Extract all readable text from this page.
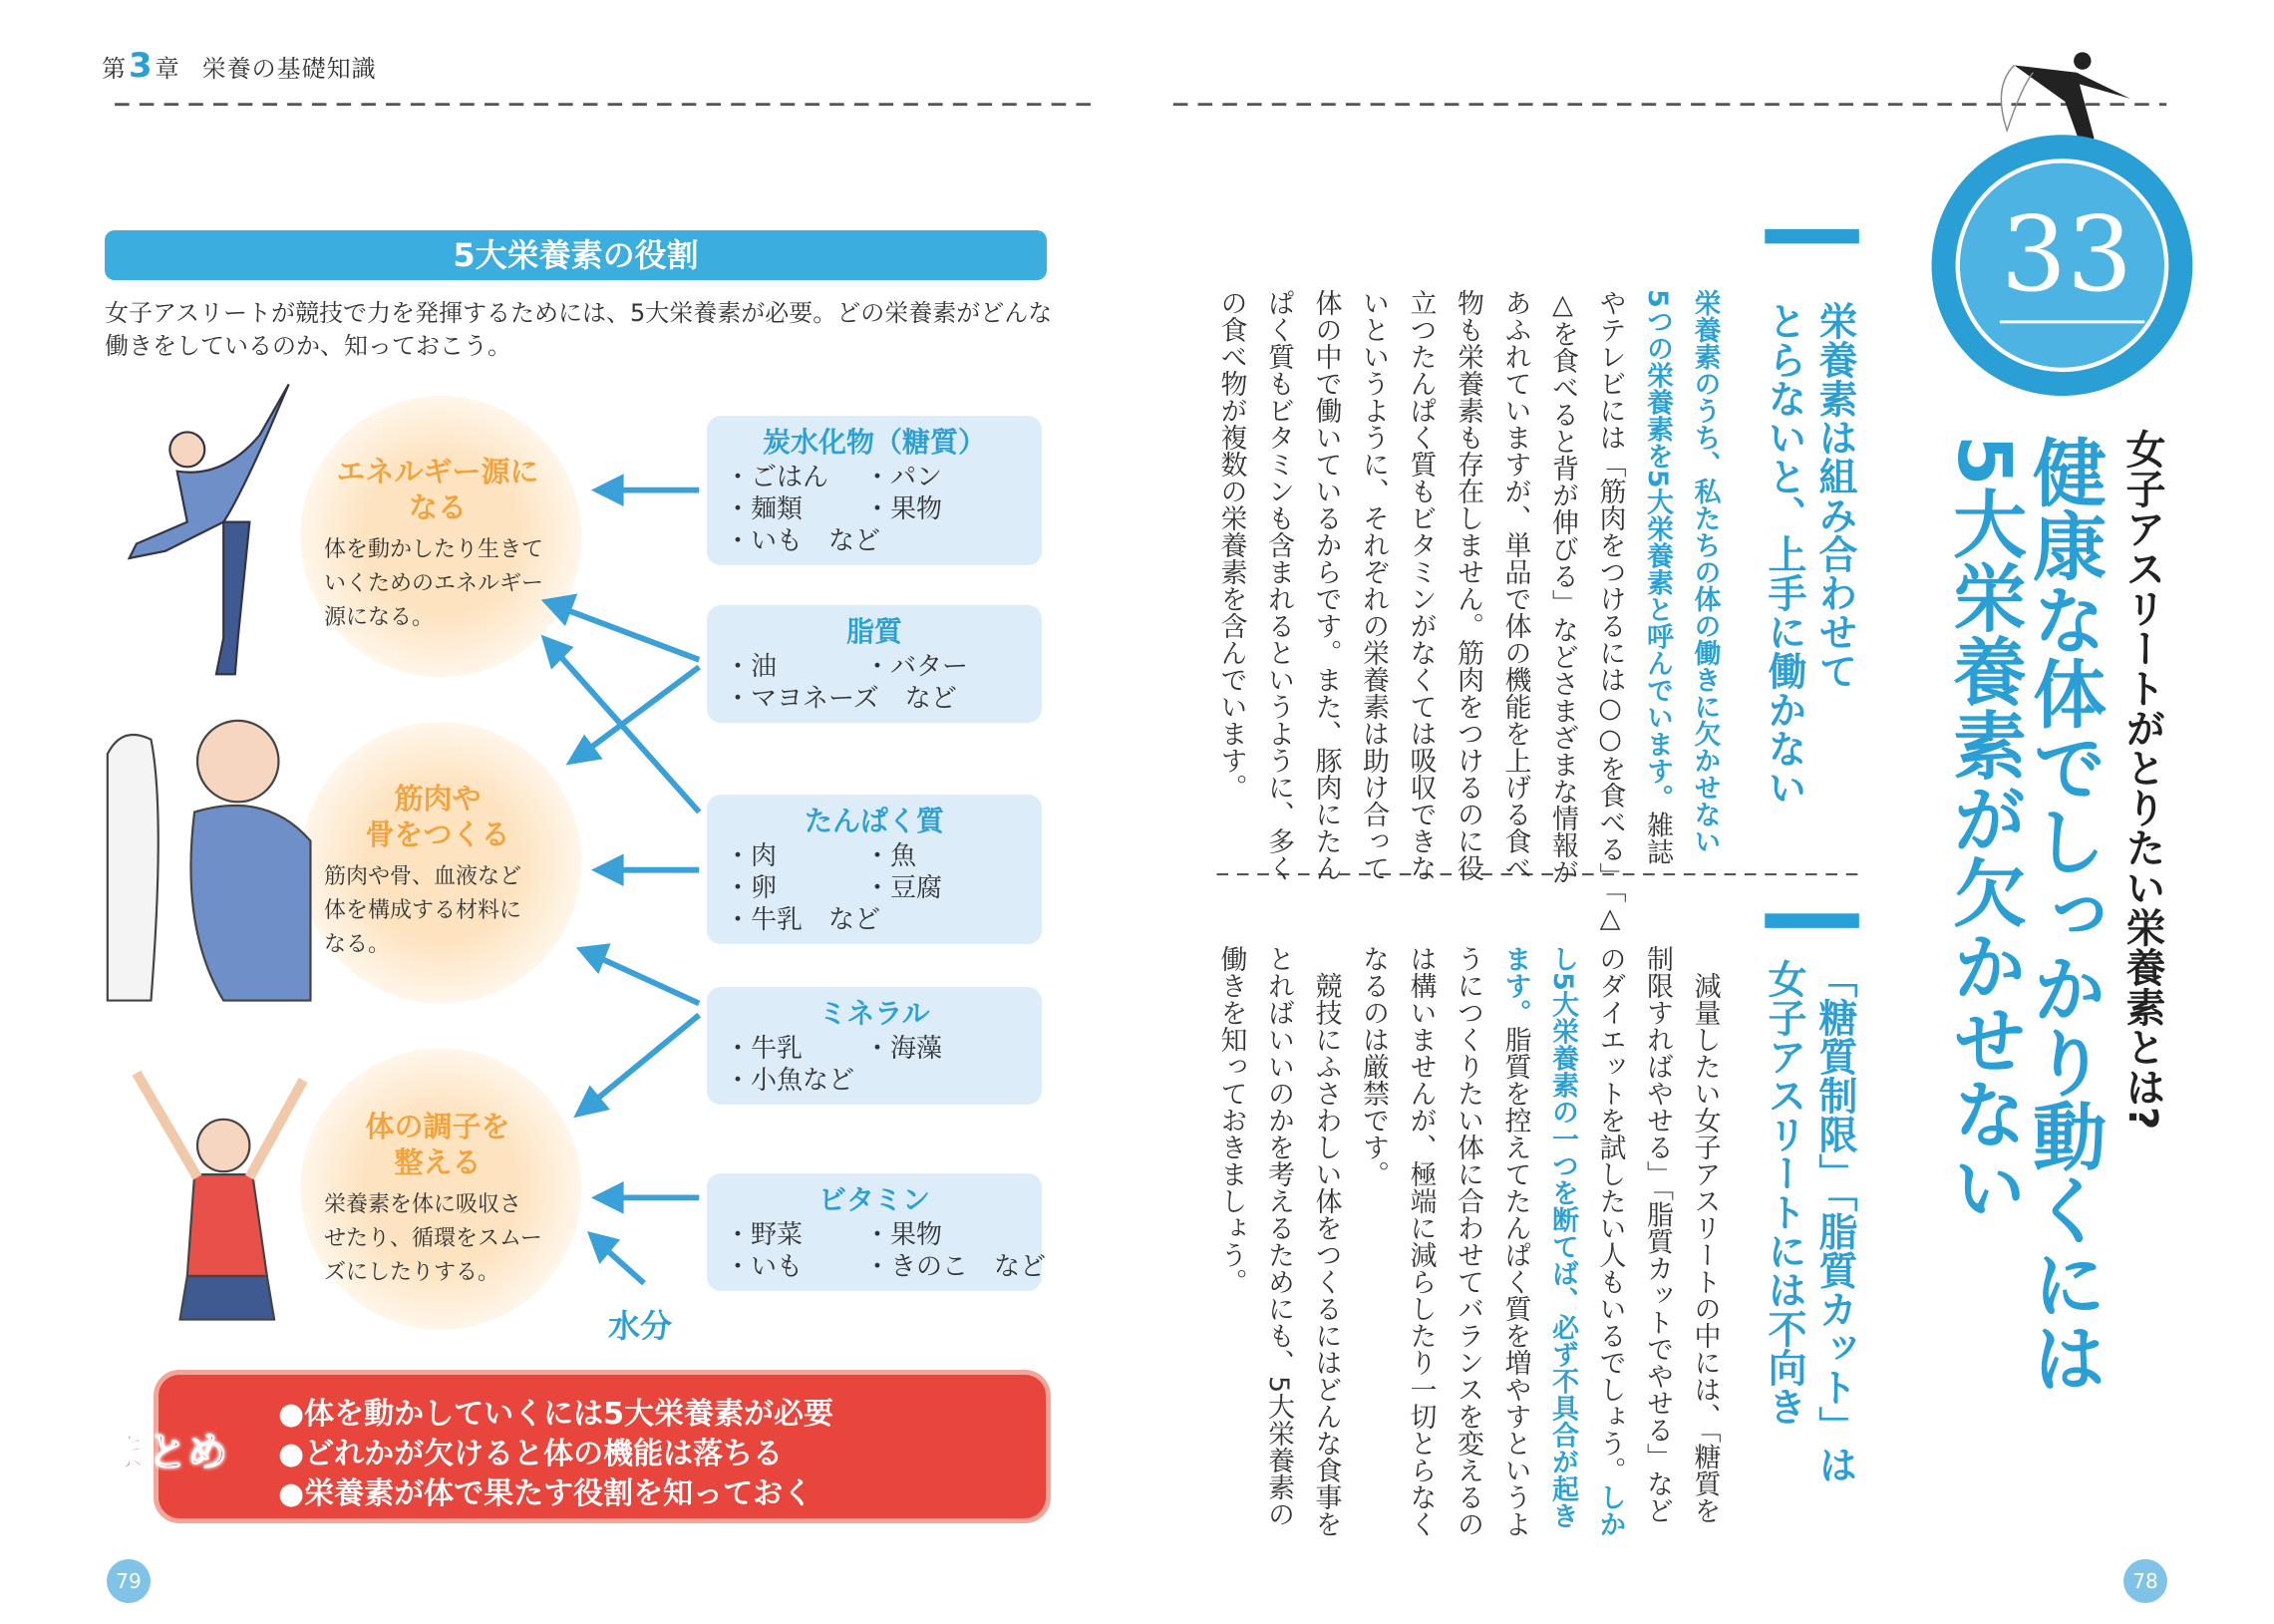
第3章 栄養の基礎知識
5大栄養素の役割
女子アスリートが競技で力を発揮するためには、5大栄養素が必要。どの栄養素がどんな働きをしているのか、知っておこう。
水分
●体を動かしていくには5大栄養素が必要
●どれかが欠けると体の機能は落ちる
●栄養素が体で果たす役割を知っておく
まとめ
79
33
女子アスリートがとりたい栄養素とは?
健康な体でしっかり動くには
5大栄養素が欠かせない
栄養素は組み合わせて
とらないと、上手に働かない
「糖質制限」「脂質カット」は
女子アスリートには不向き
栄養素のうち、私たちの体の働きに欠かせない
5つの栄養素を5大栄養素と呼んでいます。雑誌
やテレビには「筋肉をつけるには○○を食べる」「△
△を食べると背が伸びる」などさまざまな情報が
あふれていますが、単品で体の機能を上げる食べ
物も栄養素も存在しません。筋肉をつけるのに役
立つたんぱく質もビタミンがなくては吸収できな
いというように、それぞれの栄養素は助け合って
体の中で働いているからです。また、豚肉にたん
ぱく質もビタミンも含まれるというように、多く
の食べ物が複数の栄養素を含んでいます。
　減量したい女子アスリートの中には、「糖質を
制限すればやせる」「脂質カットでやせる」など
のダイエットを試したい人もいるでしょう。しか
し5大栄養素の一つを断てば、必ず不具合が起き
ます。脂質を控えてたんぱく質を増やすというよ
うにつくりたい体に合わせてバランスを変えるの
は構いませんが、極端に減らしたり一切とらなく
なるのは厳禁です。
　競技にふさわしい体をつくるにはどんな食事を
とればいいのかを考えるためにも、5大栄養素の
働きを知っておきましょう。
78
エネルギー源に
なる
体を動かしたり生きて
いくためのエネルギー
源になる。
筋肉や
骨をつくる
筋肉や骨、血液など
体を構成する材料に
なる。
体の調子を
整える
栄養素を体に吸収さ
せたり、循環をスムー
ズにしたりする。
炭水化物（糖質）
・ごはん	・パン
・麺類	・果物
・いも　など
脂質
・油	・バター
・マヨネーズ　など
たんぱく質
・肉	・魚
・卵	・豆腐
・牛乳　など
ミネラル
・牛乳	・海藻
・小魚など
ビタミン
・野菜	・果物
・いも	・きのこ　など
